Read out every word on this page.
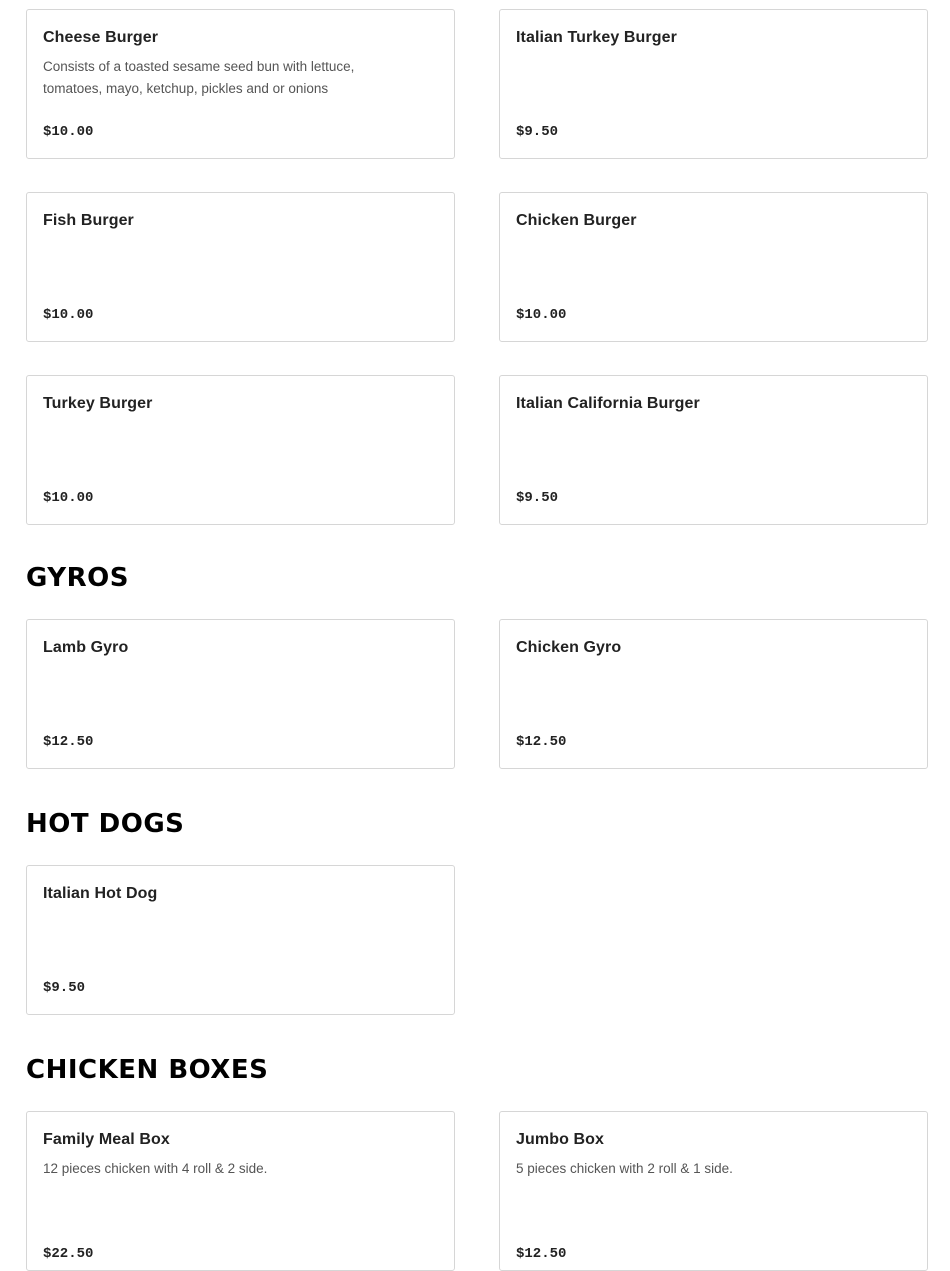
Cheese Burger
Consists of a toasted sesame seed bun with lettuce, tomatoes, mayo, ketchup, pickles and or onions
$10.00
Italian Turkey Burger
$9.50
Fish Burger
$10.00
Chicken Burger
$10.00
Turkey Burger
$10.00
Italian California Burger
$9.50
GYROS
Lamb Gyro
$12.50
Chicken Gyro
$12.50
HOT DOGS
Italian Hot Dog
$9.50
CHICKEN BOXES
Family Meal Box
12 pieces chicken with 4 roll & 2 side.
$22.50
Jumbo Box
5 pieces chicken with 2 roll & 1 side.
$12.50
